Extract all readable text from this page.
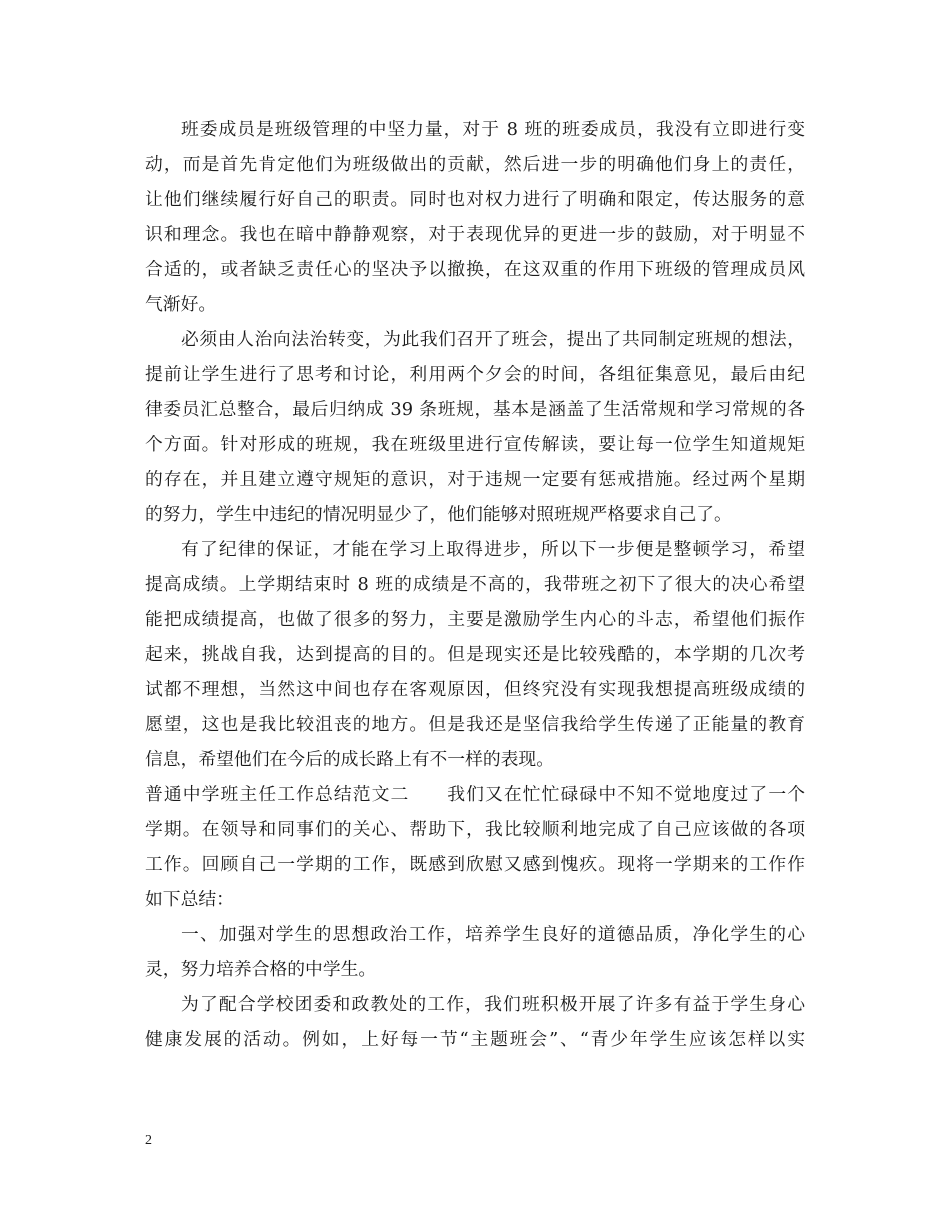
班委成员是班级管理的中坚力量，对于 8 班的班委成员，我没有立即进行变
动，而是首先肯定他们为班级做出的贡献，然后进一步的明确他们身上的责任，
让他们继续履行好自己的职责。同时也对权力进行了明确和限定，传达服务的意
识和理念。我也在暗中静静观察，对于表现优异的更进一步的鼓励，对于明显不
合适的，或者缺乏责任心的坚决予以撤换，在这双重的作用下班级的管理成员风
气渐好。
必须由人治向法治转变，为此我们召开了班会，提出了共同制定班规的想法，
提前让学生进行了思考和讨论，利用两个夕会的时间，各组征集意见，最后由纪
律委员汇总整合，最后归纳成 39 条班规，基本是涵盖了生活常规和学习常规的各
个方面。针对形成的班规，我在班级里进行宣传解读，要让每一位学生知道规矩
的存在，并且建立遵守规矩的意识，对于违规一定要有惩戒措施。经过两个星期
的努力，学生中违纪的情况明显少了，他们能够对照班规严格要求自己了。
有了纪律的保证，才能在学习上取得进步，所以下一步便是整顿学习，希望
提高成绩。上学期结束时 8 班的成绩是不高的，我带班之初下了很大的决心希望
能把成绩提高，也做了很多的努力，主要是激励学生内心的斗志，希望他们振作
起来，挑战自我，达到提高的目的。但是现实还是比较残酷的，本学期的几次考
试都不理想，当然这中间也存在客观原因，但终究没有实现我想提高班级成绩的
愿望，这也是我比较沮丧的地方。但是我还是坚信我给学生传递了正能量的教育
信息，希望他们在今后的成长路上有不一样的表现。
普通中学班主任工作总结范文二　　我们又在忙忙碌碌中不知不觉地度过了一个
学期。在领导和同事们的关心、帮助下，我比较顺利地完成了自己应该做的各项
工作。回顾自己一学期的工作，既感到欣慰又感到愧疚。现将一学期来的工作作
如下总结：
一、加强对学生的思想政治工作，培养学生良好的道德品质，净化学生的心
灵，努力培养合格的中学生。
为了配合学校团委和政教处的工作，我们班积极开展了许多有益于学生身心
健康发展的活动。例如，上好每一节“主题班会”、“青少年学生应该怎样以实
2
